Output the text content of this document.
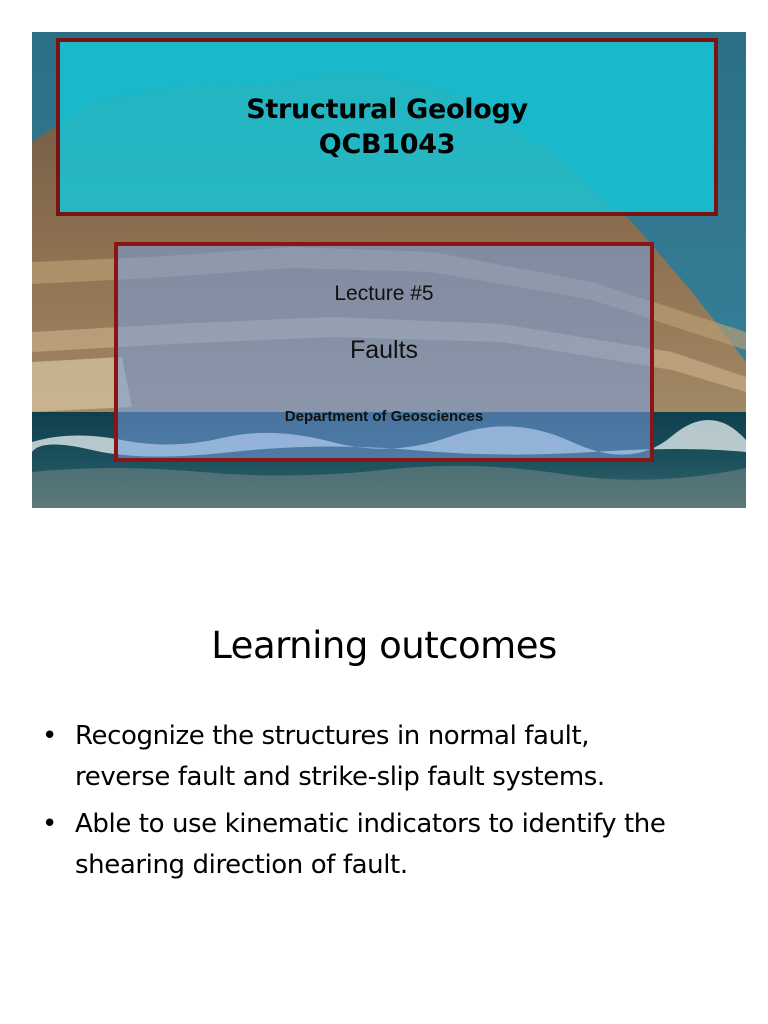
Structural Geology
QCB1043
Lecture #5
Faults
Department of Geosciences
Learning outcomes
• Recognize the structures in normal fault,
reverse fault and strike-slip fault systems.
• Able to use kinematic indicators to identify the
shearing direction of fault.
